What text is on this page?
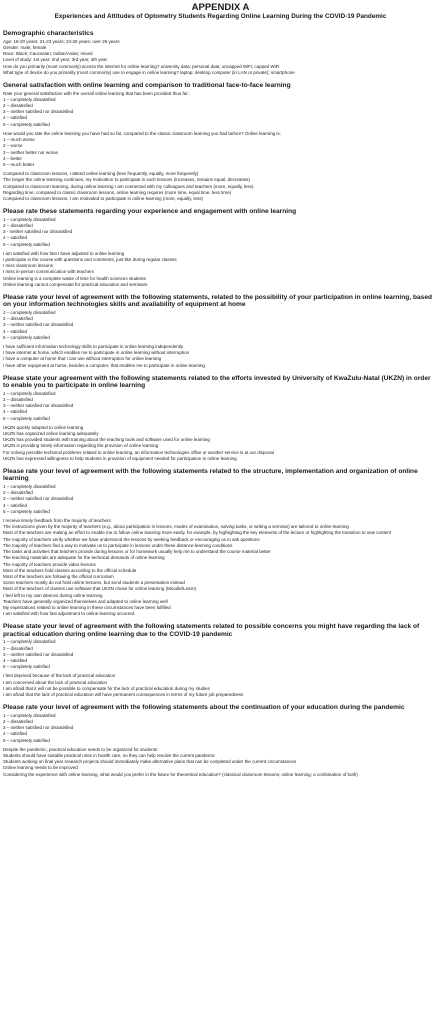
APPENDIX A

Experiences and Attitudes of Optometry Students Regarding Online Learning During the COVID-19 Pandemic

Demographic characteristics

Age: 18-20 years; 21-23 years; 24-26 years; over 26 years

Gender: male; female

Race: Black; Caucasian; Indian/Asian; mixed

Level of study: 1st year; 2nd year; 3rd year; 4th year

How do you primarily (most commonly) access the internet for online learning? university data; personal data; uncapped WiFi; capped WiFi

What type of device do you primarily (most commonly) use to engage in online learning? laptop; desktop computer (in LAN or private); smartphone

General satisfaction with online learning and comparison to traditional face-to-face learning

Rate your general satisfaction with the overall online learning that has been provided thus far:

1 – completely dissatisfied

2 – dissatisfied

3 – neither satisfied nor dissatisfied

4 – satisfied

5 – completely satisfied

How would you rate the online learning you have had so far, compared to the classic classroom learning you had before? Online learning is:

1 – much worse

2 – worse

3 – neither better nor worse

4 – better

5 – much better

Compared to classroom lessons, I attend online learning (less frequently, equally, more frequently)

The longer the online learning continues, my motivation to participate in such lessons (increases, remains equal, decreases)

Compared to classroom learning, during online learning I am connected with my colleagues and teachers (more, equally, less)

Regarding time, compared to classic classroom lessons, online learning requires (more time, equal time, less time)

Compared to classroom lessons, I am motivated to participate in online learning (more, equally, less)

Please rate these statements regarding your experience and engagement with online learning

1 – completely dissatisfied

2 – dissatisfied

3 - neither satisfied nor dissatisfied

4 – satisfied

5 – completely satisfied

I am satisfied with how fast I have adjusted to online learning

I participate in the course with questions and comments, just like during regular classes

I miss classroom lessons

I miss in-person communication with teachers

Online learning is a complete waste of time for health sciences students

Online learning cannot compensate for practical education and seminars

Please rate your level of agreement with the following statements, related to the possibility of your participation in online learning, based on your information technologies skills and availability of equipment at home

1 – completely dissatisfied

2 – dissatisfied

3 – neither satisfied nor dissatisfied

4 – satisfied

5 – completely satisfied

I have sufficient information technology skills to participate in online learning independently

I have internet at home, which enables me to participate in online learning without interruption

I have a computer at home that I can use without interruption for online learning

I have other equipment at home, besides a computer, that enables me to participate in online learning

Please state your agreement with the following statements related to the efforts invested by University of KwaZulu-Natal (UKZN) in order to enable you to participate in online learning

1 – completely dissatisfied

2 – dissatisfied

3 – neither satisfied nor dissatisfied

4 – satisfied

5 – completely satisfied

UKZN quickly adapted to online learning

UKZN has organized online learning adequately

UKZN has provided students with training about the teaching tools and software used for online learning

UKZN is providing timely information regarding the provision of online learning

For solving possible technical problems related to online learning, an information technologies office or another service is at our disposal

UKZN has expressed willingness to help students in provision of equipment needed for participation in online learning

Please rate your level of agreement with the following statements related to the structure, implementation and organization of online learning

1 – completely dissatisfied

2 – dissatisfied

3 – neither satisfied nor dissatisfied

4 – satisfied

5 – completely satisfied

I receive timely feedback from the majority of teachers

The instructions given by the majority of teachers (e.g., about participation in lessons, modes of examination, solving tasks, or writing a seminar) are tailored to online learning

Most of the teachers are making an effort to enable me to follow online learning more easily, for example, by highlighting the key elements of the lecture or highlighting the transition to new content

The majority of teachers verify whether we have understood the lessons by seeking feedback or encouraging us to ask questions

The majority of teachers find a way to motivate us to participate in lessons under these distance-learning conditions

The tasks and activities that teachers provide during lessons or for homework usually help me to understand the course material better

The teaching materials are adequate for the technical demands of online learning

The majority of teachers provide video lessons

Most of the teachers hold classes according to the official schedule

Most of the teachers are following the official curriculum

Some teachers mostly do not hold online lectures, but send students a presentation instead

Most of the teachers of classes use software that UKZN chose for online learning (Moodle/Learn)

I feel left to my own devices during online learning

Teachers have generally organized themselves and adapted to online learning well

My expectations related to online learning in these circumstances have been fulfilled

I am satisfied with how fast adjustment to online learning occurred

Please state your level of agreement with the following statements related to possible concerns you might have regarding the lack of practical education during online learning due to the COVID-19 pandemic

1 – completely dissatisfied

2 – dissatisfied

3 – neither satisfied nor dissatisfied

4 – satisfied

5 – completely satisfied

I feel deprived because of the lack of practical education

I am concerned about the lack of practical education

I am afraid that it will not be possible to compensate for the lack of practical education during my studies

I am afraid that the lack of practical education will have permanent consequences in terms of my future job preparedness

Please rate your level of agreement with the following statements about the continuation of your education during the pandemic

1 – completely dissatisfied

2 – dissatisfied

3 – neither satisfied nor dissatisfied

4 – satisfied

5 – completely satisfied

Despite the pandemic, practical education needs to be organized for students

Students should have suitable practical roles in health care, so they can help resolve the current pandemic

Students working on final year research projects should immediately make alternative plans that can be completed under the current circumstances

Online learning needs to be improved

Considering the experience with online learning, what would you prefer in the future for theoretical education? (classical classroom lessons; online learning; a combination of both)
